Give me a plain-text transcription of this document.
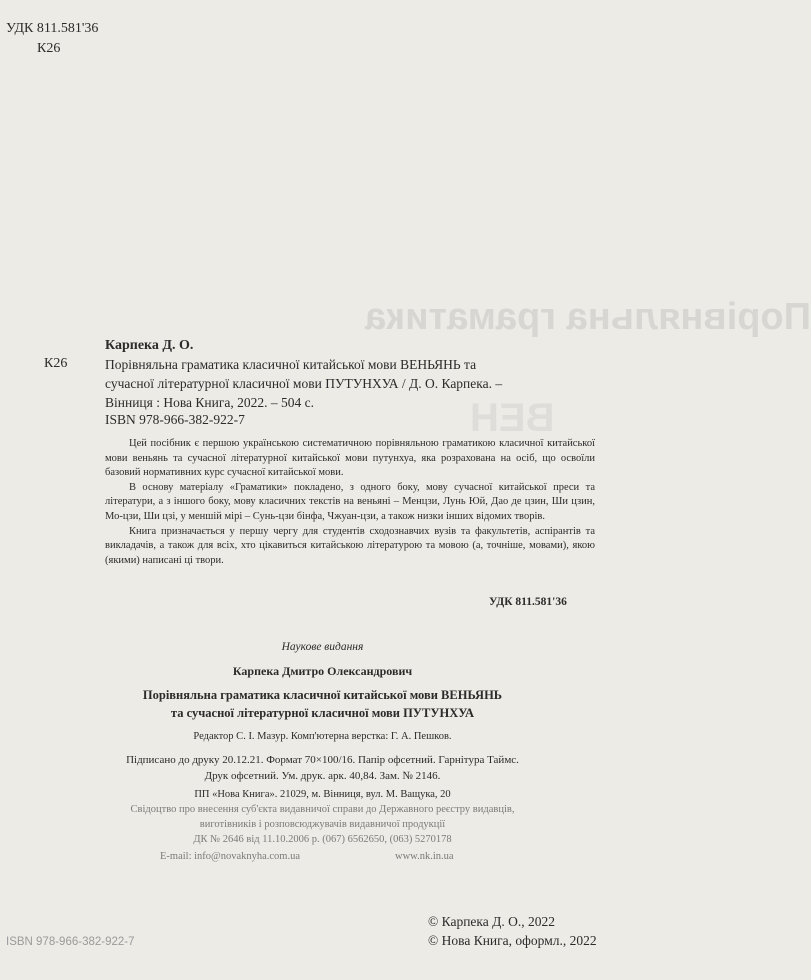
УДК 811.581'36
К26
Порівняльна граматика
ВЕН
К26
Карпека Д. О.
Порівняльна граматика класичної китайської мови ВЕНЬЯНЬ та
сучасної літературної класичної мови ПУТУНХУА / Д. О. Карпека. –
Вінниця : Нова Книга, 2022. – 504 с.
ISBN 978-966-382-922-7

Цей посібник є першою українською систематичною порівняльною граматикою класичної китайської мови веньянь та сучасної літературної китайської мови путунхуа, яка розрахована на осіб, що освоїли базовий нормативних курс сучасної китайської мови.

В основу матеріалу «Граматики» покладено, з одного боку, мову сучасної китайської преси та літератури, а з іншого боку, мову класичних текстів на веньяні – Менцзи, Лунь Юй, Дао де цзин, Ши цзин, Мо-цзи, Ши цзі, у меншій мірі – Сунь-цзи бінфа, Чжуан-цзи, а також низки інших відомих творів.

Книга призначається у першу чергу для студентів сходознавчих вузів та факультетів, аспірантів та викладачів, а також для всіх, хто цікавиться китайською літературою та мовою (а, точніше, мовами), якою (якими) написані ці твори.

УДК 811.581'36
Наукове видання
Карпека Дмитро Олександрович
Порівняльна граматика класичної китайської мови ВЕНЬЯНЬ
та сучасної літературної класичної мови ПУТУНХУА
Редактор С. І. Мазур. Комп'ютерна верстка: Г. А. Пешков.
Підписано до друку 20.12.21. Формат 70×100/16. Папір офсетний. Гарнітура Таймс.
Друк офсетний. Ум. друк. арк. 40,84. Зам. № 2146.
ПП «Нова Книга». 21029, м. Вінниця, вул. М. Ващука, 20
Свідоцтво про внесення суб'єкта видавничої справи до Державного реєстру видавців,
виготівників і розповсюджувачів видавничої продукції
ДК № 2646 від 11.10.2006 р. (067) 6562650, (063) 5270178
E-mail: info@novaknyha.com.ua	www.nk.in.ua
© Карпека Д. О., 2022
© Нова Книга, оформл., 2022
ISBN 978-966-382-922-7
